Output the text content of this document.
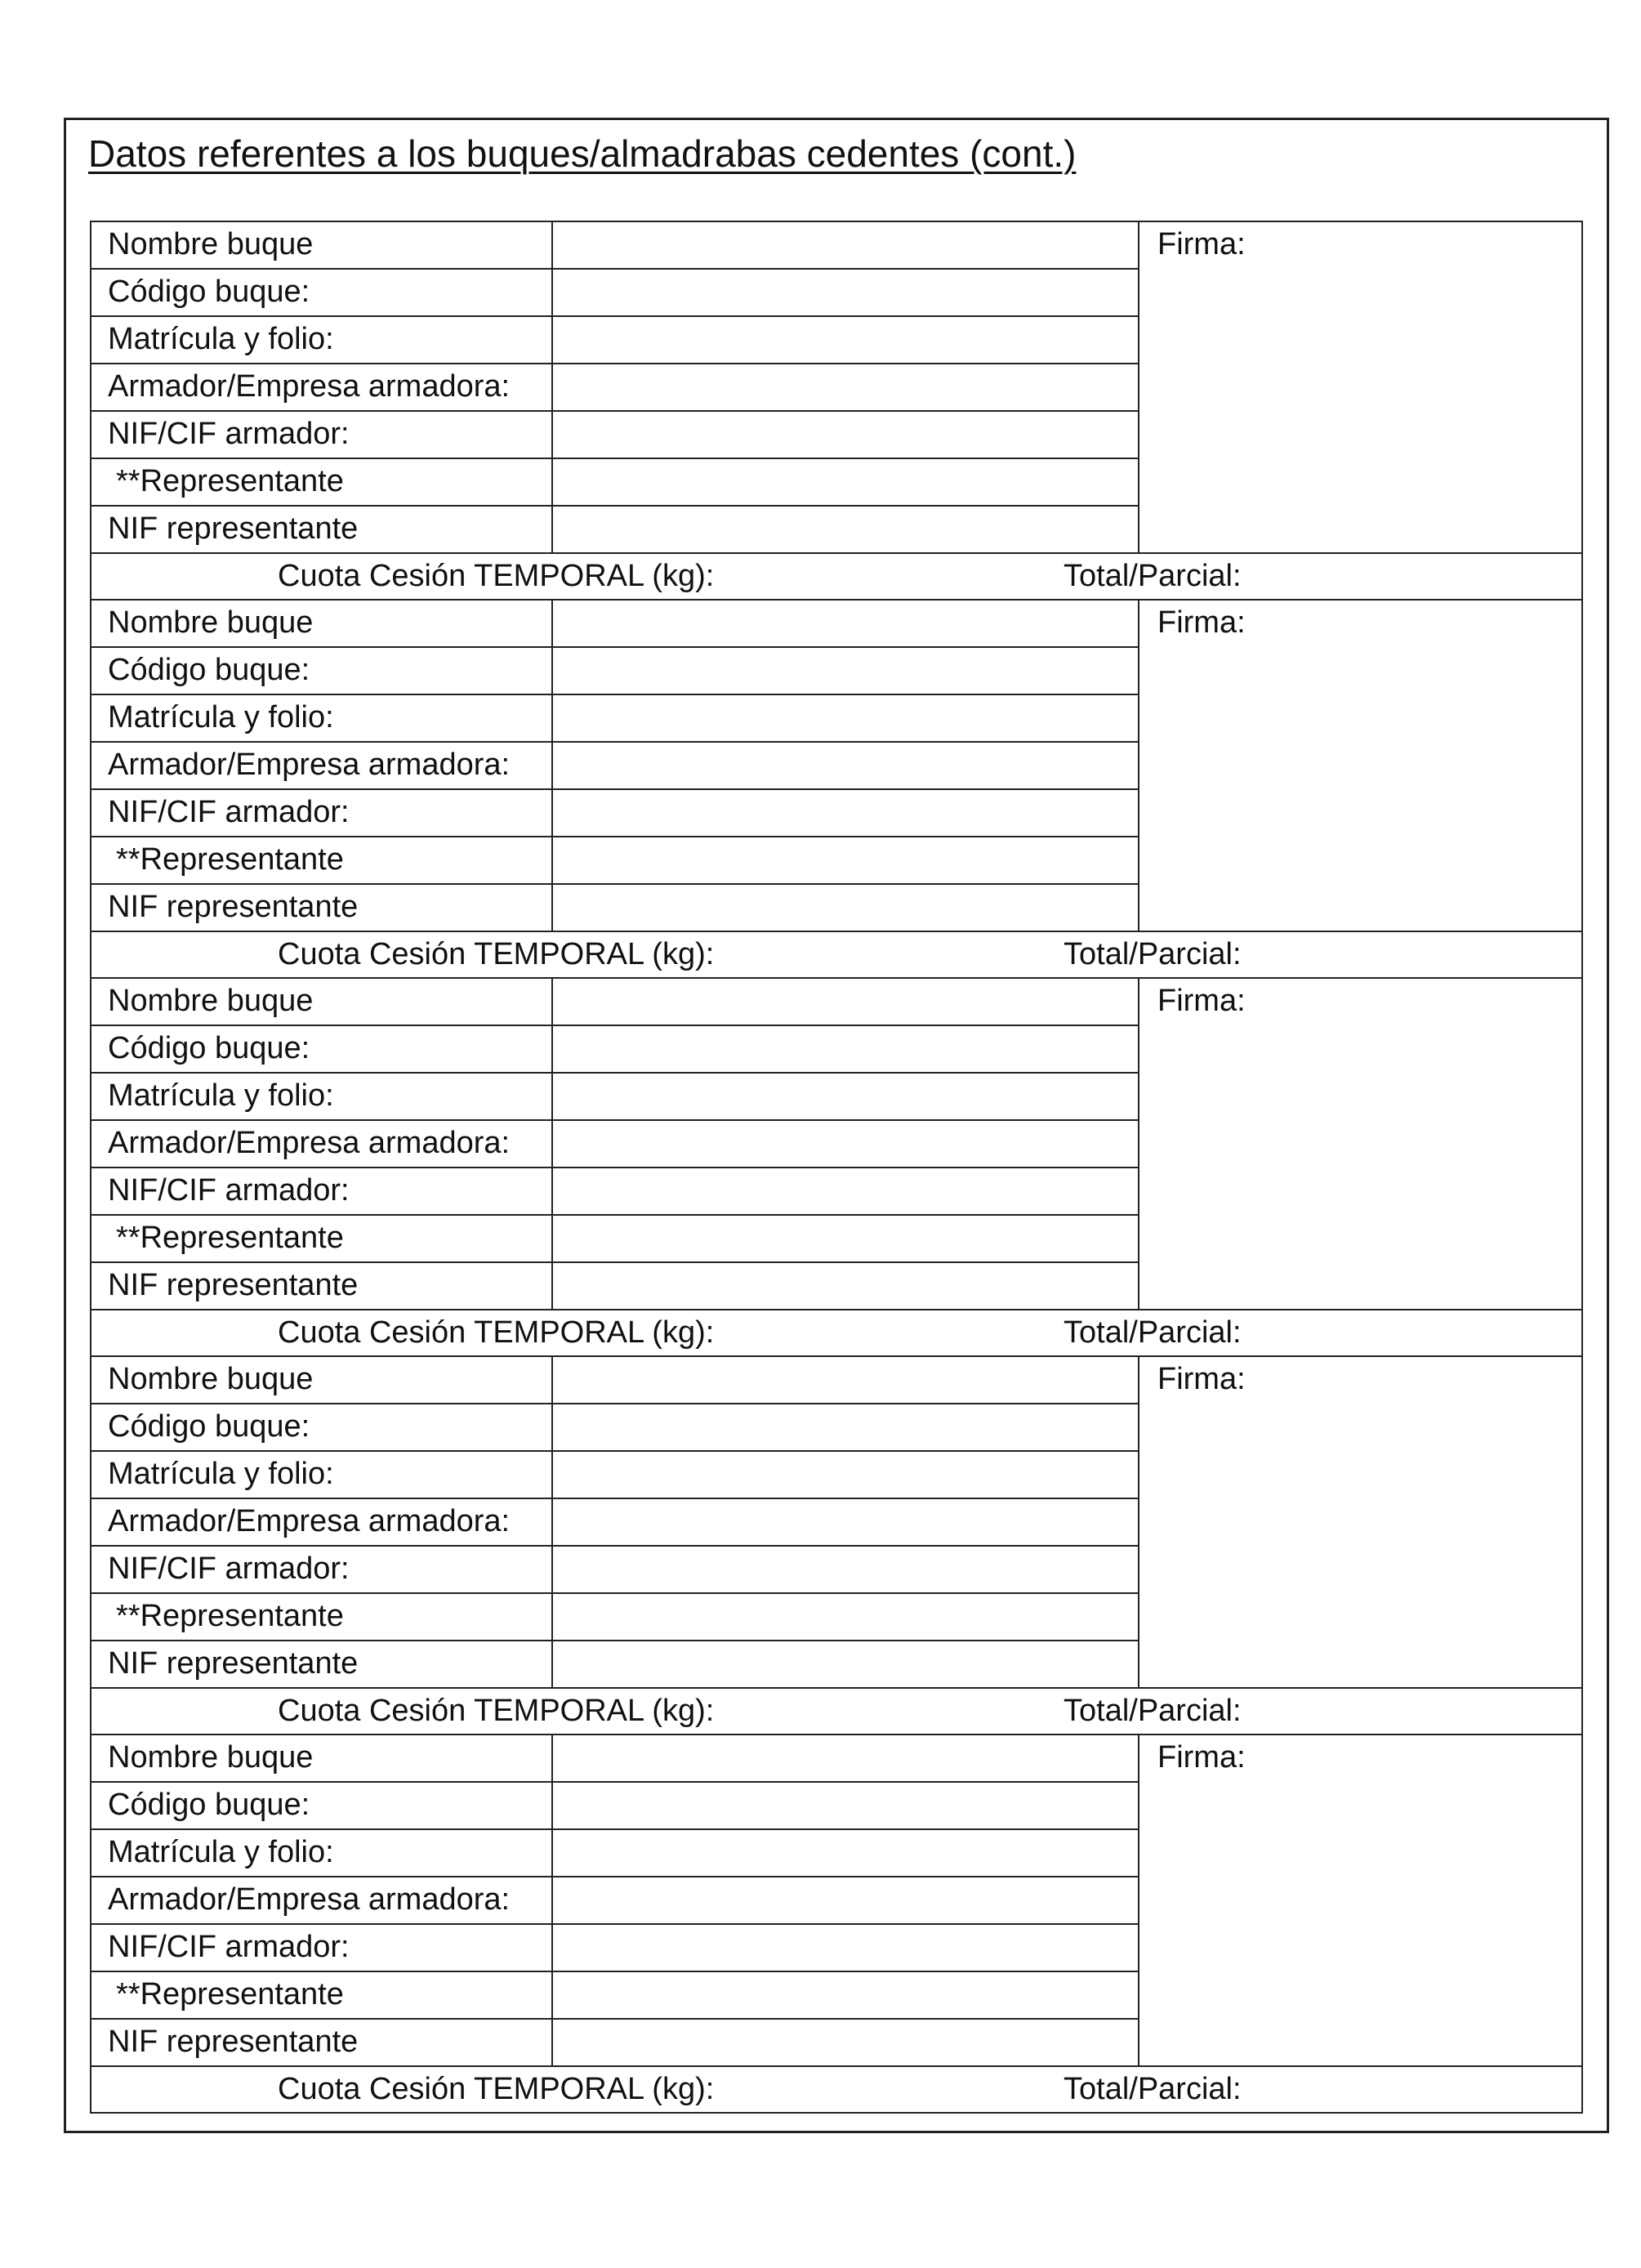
Datos referentes a los buques/almadrabas cedentes (cont.)
Nombre buque	Firma:
Código buque:
Matrícula y folio:
Armador/Empresa armadora:
NIF/CIF armador:
**Representante
NIF representante
Cuota Cesión TEMPORAL (kg):	Total/Parcial:
Nombre buque	Firma:
Código buque:
Matrícula y folio:
Armador/Empresa armadora:
NIF/CIF armador:
**Representante
NIF representante
Cuota Cesión TEMPORAL (kg):	Total/Parcial:
Nombre buque	Firma:
Código buque:
Matrícula y folio:
Armador/Empresa armadora:
NIF/CIF armador:
**Representante
NIF representante
Cuota Cesión TEMPORAL (kg):	Total/Parcial:
Nombre buque	Firma:
Código buque:
Matrícula y folio:
Armador/Empresa armadora:
NIF/CIF armador:
**Representante
NIF representante
Cuota Cesión TEMPORAL (kg):	Total/Parcial:
Nombre buque	Firma:
Código buque:
Matrícula y folio:
Armador/Empresa armadora:
NIF/CIF armador:
**Representante
NIF representante
Cuota Cesión TEMPORAL (kg):	Total/Parcial:
